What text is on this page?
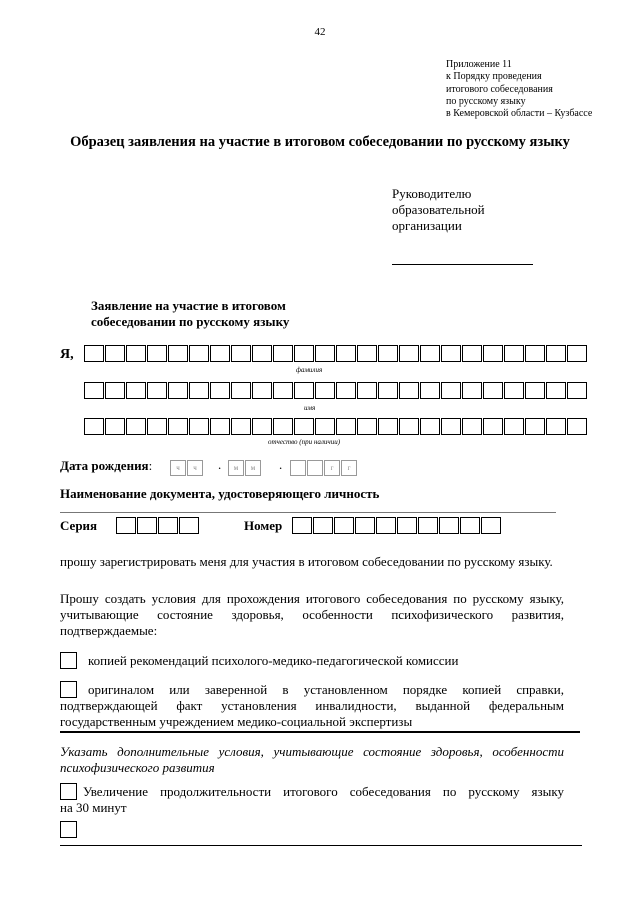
42
Приложение 11
к Порядку проведения
итогового собеседования
по русскому языку
в Кемеровской области – Кузбассе
Образец заявления на участие в итоговом собеседовании по русскому языку
Руководителю
образовательной
организации
Заявление на участие в итоговом
собеседовании по русскому языку
Я,
фамилия
имя
отчество (при наличии)
Дата рождения:	ч	ч	.	м	м	.	г	г
Наименование документа, удостоверяющего личность
Серия	Номер
прошу зарегистрировать меня для участия в итоговом собеседовании по русскому языку.
Прошу создать условия для прохождения итогового собеседования по русскому языку, учитывающие состояние здоровья, особенности психофизического развития, подтверждаемые:
копией рекомендаций психолого-медико-педагогической комиссии
оригиналом или заверенной в установленном порядке копией справки,
подтверждающей факт установления инвалидности, выданной федеральным государственным учреждением медико-социальной экспертизы
Указать дополнительные условия, учитывающие состояние здоровья, особенности психофизического развития
Увеличение продолжительности итогового собеседования по русскому языку
на 30 минут
